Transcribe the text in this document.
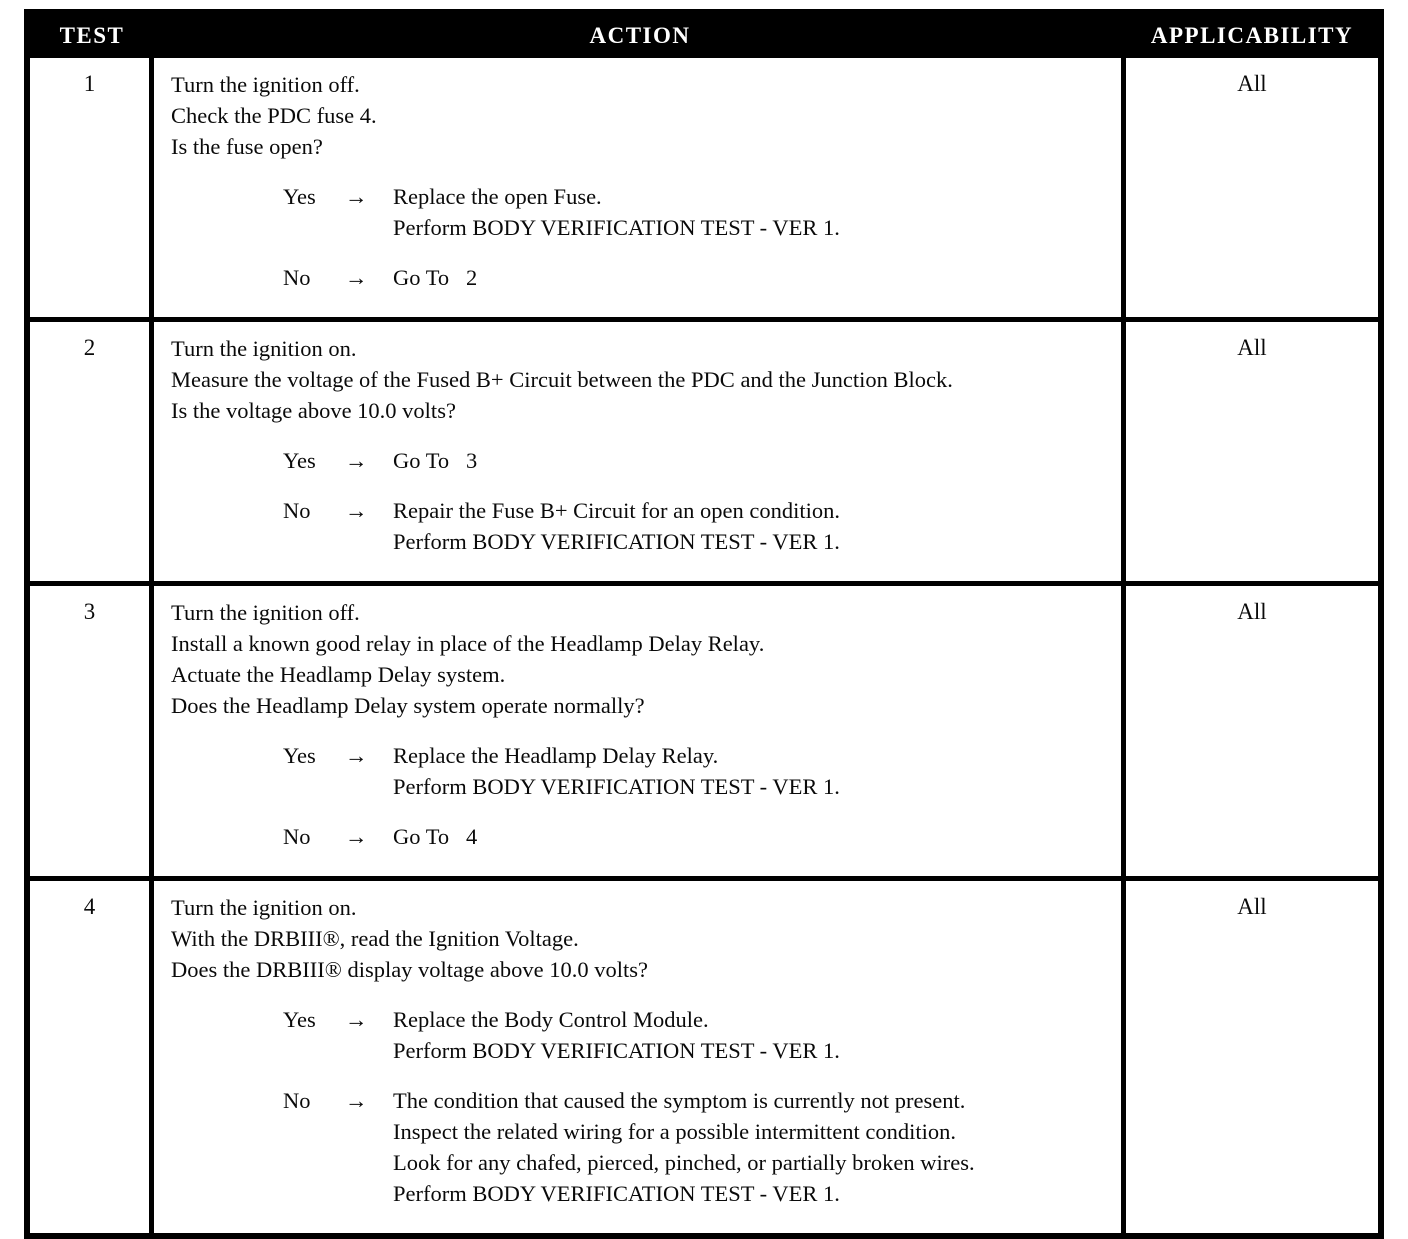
TEST	ACTION	APPLICABILITY
1	Turn the ignition off.
Check the PDC fuse 4.
Is the fuse open?
Yes	→	Replace the open Fuse.
Perform BODY VERIFICATION TEST - VER 1.
No	→	Go To   2
All
2	Turn the ignition on.
Measure the voltage of the Fused B+ Circuit between the PDC and the Junction Block.
Is the voltage above 10.0 volts?
Yes	→	Go To   3
No	→	Repair the Fuse B+ Circuit for an open condition.
Perform BODY VERIFICATION TEST - VER 1.
All
3	Turn the ignition off.
Install a known good relay in place of the Headlamp Delay Relay.
Actuate the Headlamp Delay system.
Does the Headlamp Delay system operate normally?
Yes	→	Replace the Headlamp Delay Relay.
Perform BODY VERIFICATION TEST - VER 1.
No	→	Go To   4
All
4	Turn the ignition on.
With the DRBIII®, read the Ignition Voltage.
Does the DRBIII® display voltage above 10.0 volts?
Yes	→	Replace the Body Control Module.
Perform BODY VERIFICATION TEST - VER 1.
No	→	The condition that caused the symptom is currently not present.
Inspect the related wiring for a possible intermittent condition.
Look for any chafed, pierced, pinched, or partially broken wires.
Perform BODY VERIFICATION TEST - VER 1.
All
